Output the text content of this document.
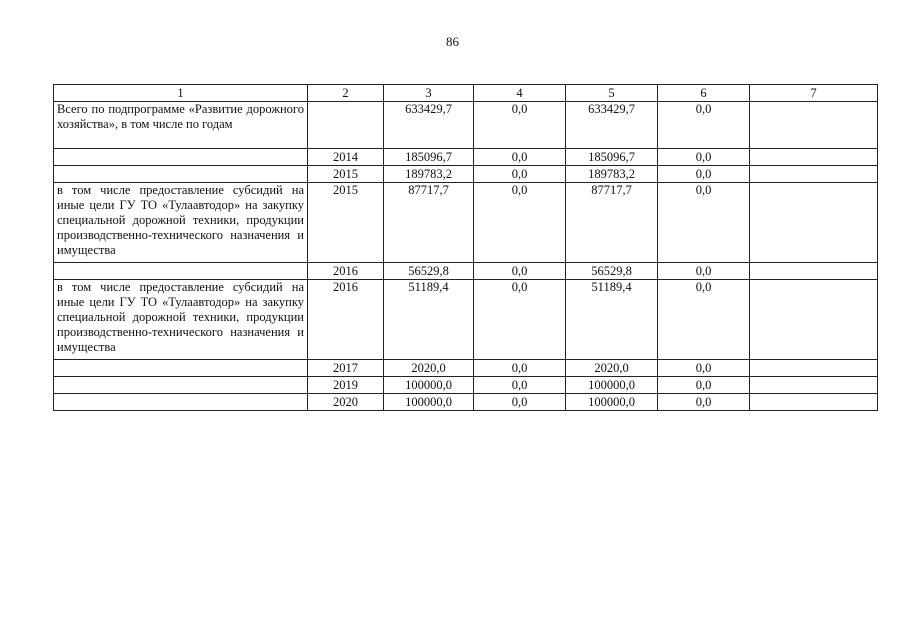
86
1	2	3	4	5	6	7
Всего по подпрограмме «Развитие дорожного хозяйства», в том числе по годам		633429,7	0,0	633429,7	0,0	
	2014	185096,7	0,0	185096,7	0,0	
	2015	189783,2	0,0	189783,2	0,0	
в том числе предоставление субсидий на иные цели ГУ ТО «Тулаавтодор» на закупку специальной дорожной техники, продукции производственно-технического назначения и имущества	2015	87717,7	0,0	87717,7	0,0	
	2016	56529,8	0,0	56529,8	0,0	
в том числе предоставление субсидий на иные цели ГУ ТО «Тулаавтодор» на закупку специальной дорожной техники, продукции производственно-технического назначения и имущества	2016	51189,4	0,0	51189,4	0,0	
	2017	2020,0	0,0	2020,0	0,0	
	2019	100000,0	0,0	100000,0	0,0	
	2020	100000,0	0,0	100000,0	0,0	
